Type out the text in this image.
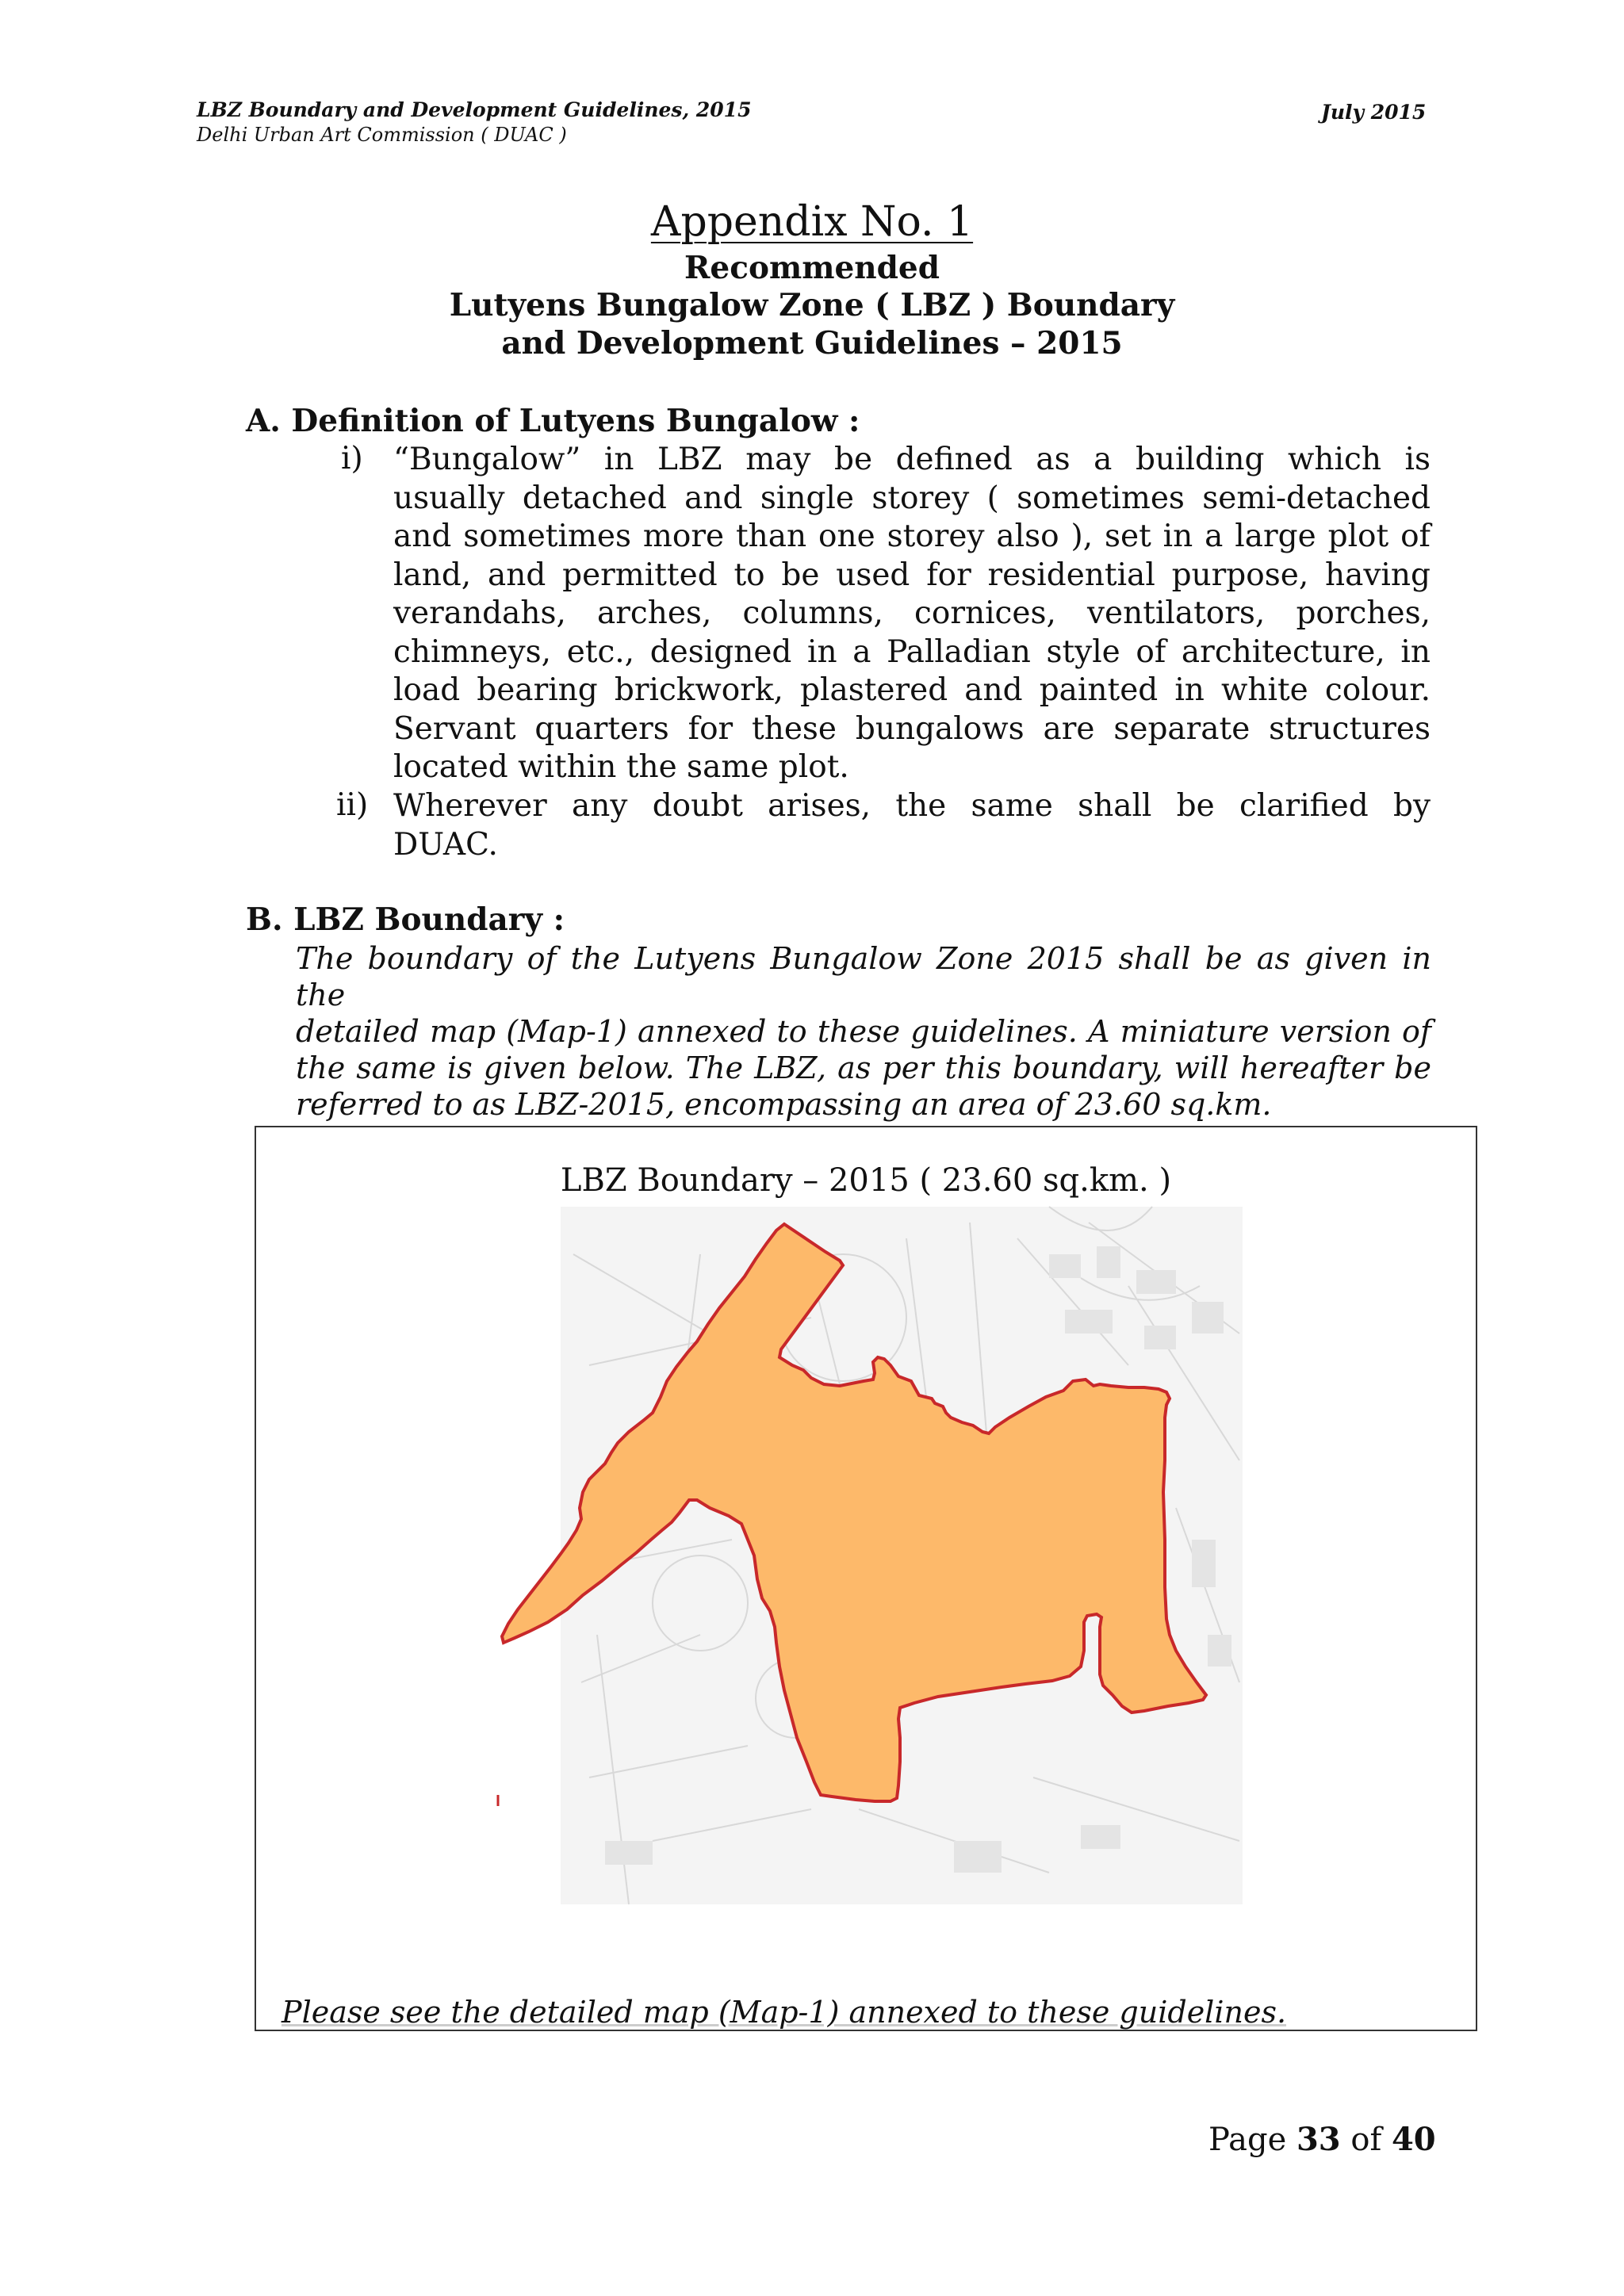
LBZ Boundary and Development Guidelines, 2015
Delhi Urban Art Commission ( DUAC )
July 2015
Appendix No. 1
Recommended
Lutyens Bungalow Zone ( LBZ ) Boundary
and Development Guidelines – 2015
A. Definition of Lutyens Bungalow :
i) “Bungalow” in LBZ may be defined as a building which is
usually detached and single storey ( sometimes semi-detached
and sometimes more than one storey also ), set in a large plot of
land, and permitted to be used for residential purpose, having
verandahs, arches, columns, cornices, ventilators, porches,
chimneys, etc., designed in a Palladian style of architecture, in
load bearing brickwork, plastered and painted in white colour.
Servant quarters for these bungalows are separate structures
located within the same plot.
ii) Wherever any doubt arises, the same shall be clarified by
DUAC.
B. LBZ Boundary :
The boundary of the Lutyens Bungalow Zone 2015 shall be as given in the
detailed map (Map-1) annexed to these guidelines. A miniature version of
the same is given below. The LBZ, as per this boundary, will hereafter be
referred to as LBZ-2015, encompassing an area of 23.60 sq.km.
LBZ Boundary – 2015 ( 23.60 sq.km. )
Please see the detailed map (Map-1) annexed to these guidelines.
Page 33 of 40
